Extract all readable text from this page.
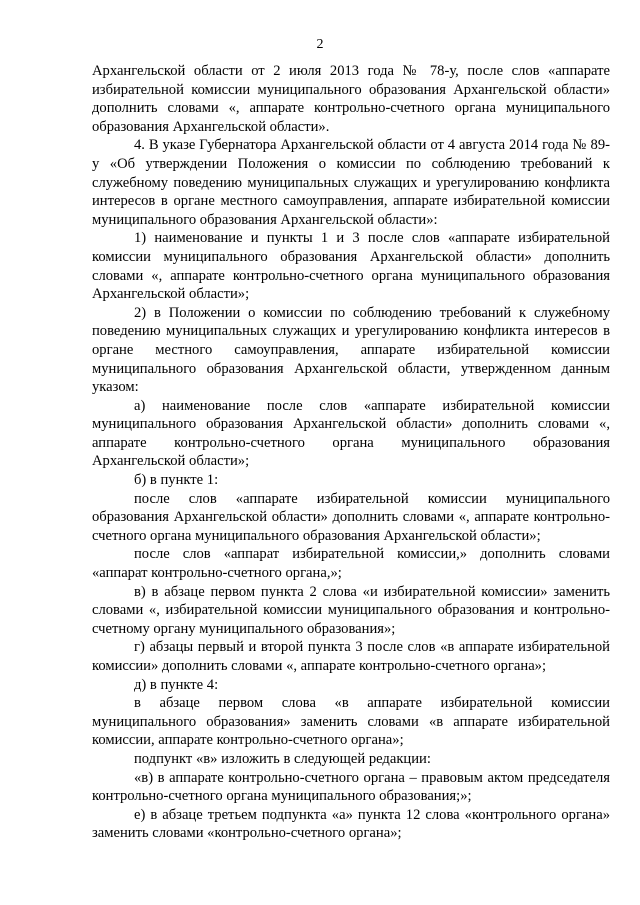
2

Архангельской области от 2 июля 2013 года № 78-у, после слов «аппарате избирательной комиссии муниципального образования Архангельской области» дополнить словами «, аппарате контрольно-счетного органа муниципального образования Архангельской области».

4. В указе Губернатора Архангельской области от 4 августа 2014 года № 89-у «Об утверждении Положения о комиссии по соблюдению требований к служебному поведению муниципальных служащих и урегулированию конфликта интересов в органе местного самоуправления, аппарате избирательной комиссии муниципального образования Архангельской области»:

1) наименование и пункты 1 и 3 после слов «аппарате избирательной комиссии муниципального образования Архангельской области» дополнить словами «, аппарате контрольно-счетного органа муниципального образования Архангельской области»;

2) в Положении о комиссии по соблюдению требований к служебному поведению муниципальных служащих и урегулированию конфликта интересов в органе местного самоуправления, аппарате избирательной комиссии муниципального образования Архангельской области, утвержденном данным указом:

а) наименование после слов «аппарате избирательной комиссии муниципального образования Архангельской области» дополнить словами «, аппарате контрольно-счетного органа муниципального образования Архангельской области»;

б) в пункте 1:

после слов «аппарате избирательной комиссии муниципального образования Архангельской области» дополнить словами «, аппарате контрольно-счетного органа муниципального образования Архангельской области»;

после слов «аппарат избирательной комиссии,» дополнить словами «аппарат контрольно-счетного органа,»;

в) в абзаце первом пункта 2 слова «и избирательной комиссии» заменить словами «, избирательной комиссии муниципального образования и контрольно-счетному органу муниципального образования»;

г) абзацы первый и второй пункта 3 после слов «в аппарате избирательной комиссии» дополнить словами «, аппарате контрольно-счетного органа»;

д) в пункте 4:

в абзаце первом слова «в аппарате избирательной комиссии муниципального образования» заменить словами «в аппарате избирательной комиссии, аппарате контрольно-счетного органа»;

подпункт «в» изложить в следующей редакции:

«в) в аппарате контрольно-счетного органа – правовым актом председателя контрольно-счетного органа муниципального образования;»;

е) в абзаце третьем подпункта «а» пункта 12 слова «контрольного органа» заменить словами «контрольно-счетного органа»;
